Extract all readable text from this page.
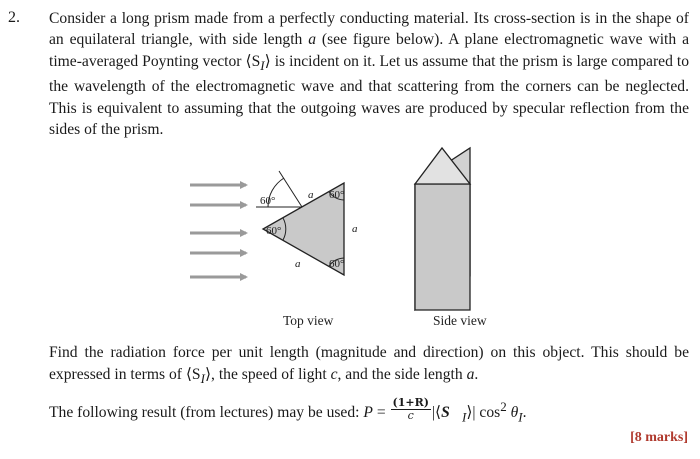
2. Consider a long prism made from a perfectly conducting material. Its cross-section is in the shape of an equilateral triangle, with side length a (see figure below). A plane electromagnetic wave with a time-averaged Poynting vector $⟨S_I⟩$ is incident on it. Let us assume that the prism is large compared to the wavelength of the electromagnetic wave and that scattering from the corners can be neglected. This is equivalent to assuming that the outgoing waves are produced by specular reflection from the sides of the prism.
60°
60°
60°
60°
a
a
a
Top view	Side view
Find the radiation force per unit length (magnitude and direction) on this object. This should be expressed in terms of $⟨S_I⟩$, the speed of light c, and the side length a.
The following result (from lectures) may be used: $P = \frac{(1+R)}{c}$ $|⟨S⃗_I⟩|$ $\cos^2 \theta_I$.
[8 marks]
